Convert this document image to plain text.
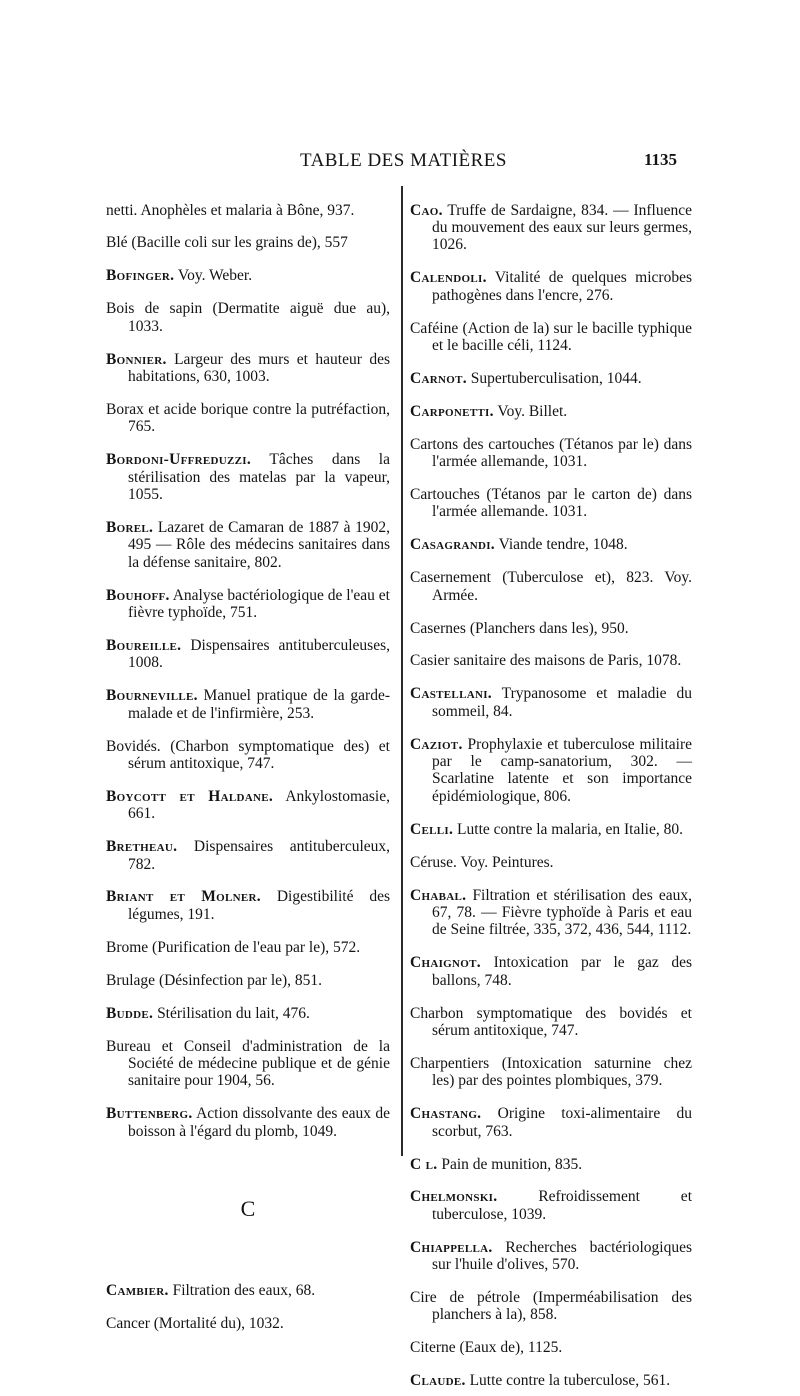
TABLE DES MATIÈRES	1135

netti. Anophèles et malaria à Bône, 937.

Blé (Bacille coli sur les grains de), 557

Bofinger. Voy. Weber.

Bois de sapin (Dermatite aiguë due au), 1033.

Bonnier. Largeur des murs et hauteur des habitations, 630, 1003.

Borax et acide borique contre la putréfaction, 765.

Bordoni-Uffreduzzi. Tâches dans la stérilisation des matelas par la vapeur, 1055.

Borel. Lazaret de Camaran de 1887 à 1902, 495 — Rôle des médecins sanitaires dans la défense sanitaire, 802.

Bouhoff. Analyse bactériologique de l'eau et fièvre typhoïde, 751.

Boureille. Dispensaires antituberculeuses, 1008.

Bourneville. Manuel pratique de la garde-malade et de l'infirmière, 253.

Bovidés. (Charbon symptomatique des) et sérum antitoxique, 747.

Boycott et Haldane. Ankylostomasie, 661.

Bretheau. Dispensaires antituberculeux, 782.

Briant et Molner. Digestibilité des légumes, 191.

Brome (Purification de l'eau par le), 572.

Brulage (Désinfection par le), 851.

Budde. Stérilisation du lait, 476.

Bureau et Conseil d'administration de la Société de médecine publique et de génie sanitaire pour 1904, 56.

Buttenberg. Action dissolvante des eaux de boisson à l'égard du plomb, 1049.

C

Cambier. Filtration des eaux, 68.

Cancer (Mortalité du), 1032.

Cao. Truffe de Sardaigne, 834. — Influence du mouvement des eaux sur leurs germes, 1026.

Calendoli. Vitalité de quelques microbes pathogènes dans l'encre, 276.

Caféine (Action de la) sur le bacille typhique et le bacille céli, 1124.

Carnot. Supertuberculisation, 1044.

Carponetti. Voy. Billet.

Cartons des cartouches (Tétanos par le) dans l'armée allemande, 1031.

Cartouches (Tétanos par le carton de) dans l'armée allemande. 1031.

Casagrandi. Viande tendre, 1048.

Casernement (Tuberculose et), 823. Voy. Armée.

Casernes (Planchers dans les), 950.

Casier sanitaire des maisons de Paris, 1078.

Castellani. Trypanosome et maladie du sommeil, 84.

Caziot. Prophylaxie et tuberculose militaire par le camp-sanatorium, 302. — Scarlatine latente et son importance épidémiologique, 806.

Celli. Lutte contre la malaria, en Italie, 80.

Céruse. Voy. Peintures.

Chabal. Filtration et stérilisation des eaux, 67, 78. — Fièvre typhoïde à Paris et eau de Seine filtrée, 335, 372, 436, 544, 1112.

Chaignot. Intoxication par le gaz des ballons, 748.

Charbon symptomatique des bovidés et sérum antitoxique, 747.

Charpentiers (Intoxication saturnine chez les) par des pointes plombiques, 379.

Chastang. Origine toxi-alimentaire du scorbut, 763.

C l. Pain de munition, 835.

Chelmonski.	Refroidissement et tuberculose, 1039.

Chiappella. Recherches bactériologiques sur l'huile d'olives, 570.

Cire de pétrole (Imperméabilisation des planchers à la), 858.

Citerne (Eaux de), 1125.

Claude. Lutte contre la tuberculose, 561.
